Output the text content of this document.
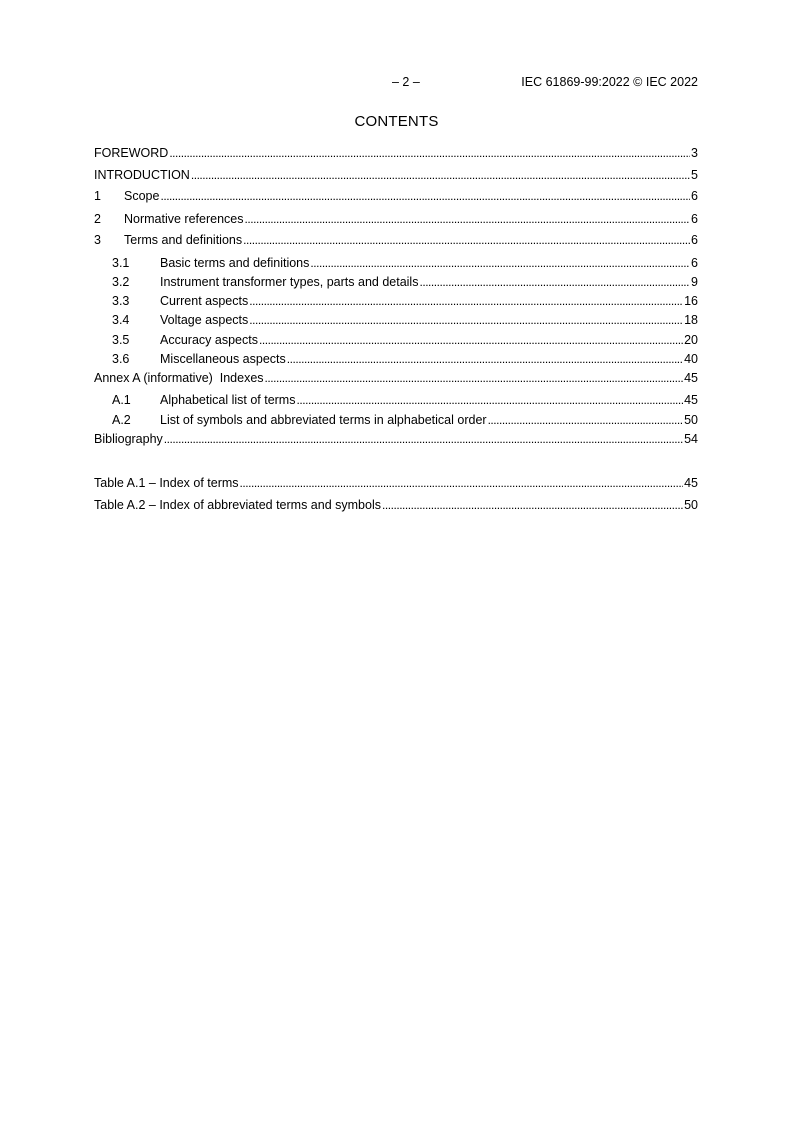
– 2 –	IEC 61869-99:2022 © IEC 2022
CONTENTS
FOREWORD . . .	3
INTRODUCTION . . .	5
1	Scope . . .	6
2	Normative references . . .	6
3	Terms and definitions . . .	6
3.1	Basic terms and definitions . . .	6
3.2	Instrument transformer types, parts and details . . .	9
3.3	Current aspects . . .	16
3.4	Voltage aspects . . .	18
3.5	Accuracy aspects . . .	20
3.6	Miscellaneous aspects . . .	40
Annex A (informative)  Indexes . . .	45
A.1	Alphabetical list of terms . . .	45
A.2	List of symbols and abbreviated terms in alphabetical order . . .	50
Bibliography . . .	54
Table A.1 – Index of terms . . .	45
Table A.2 – Index of abbreviated terms and symbols . . .	50
